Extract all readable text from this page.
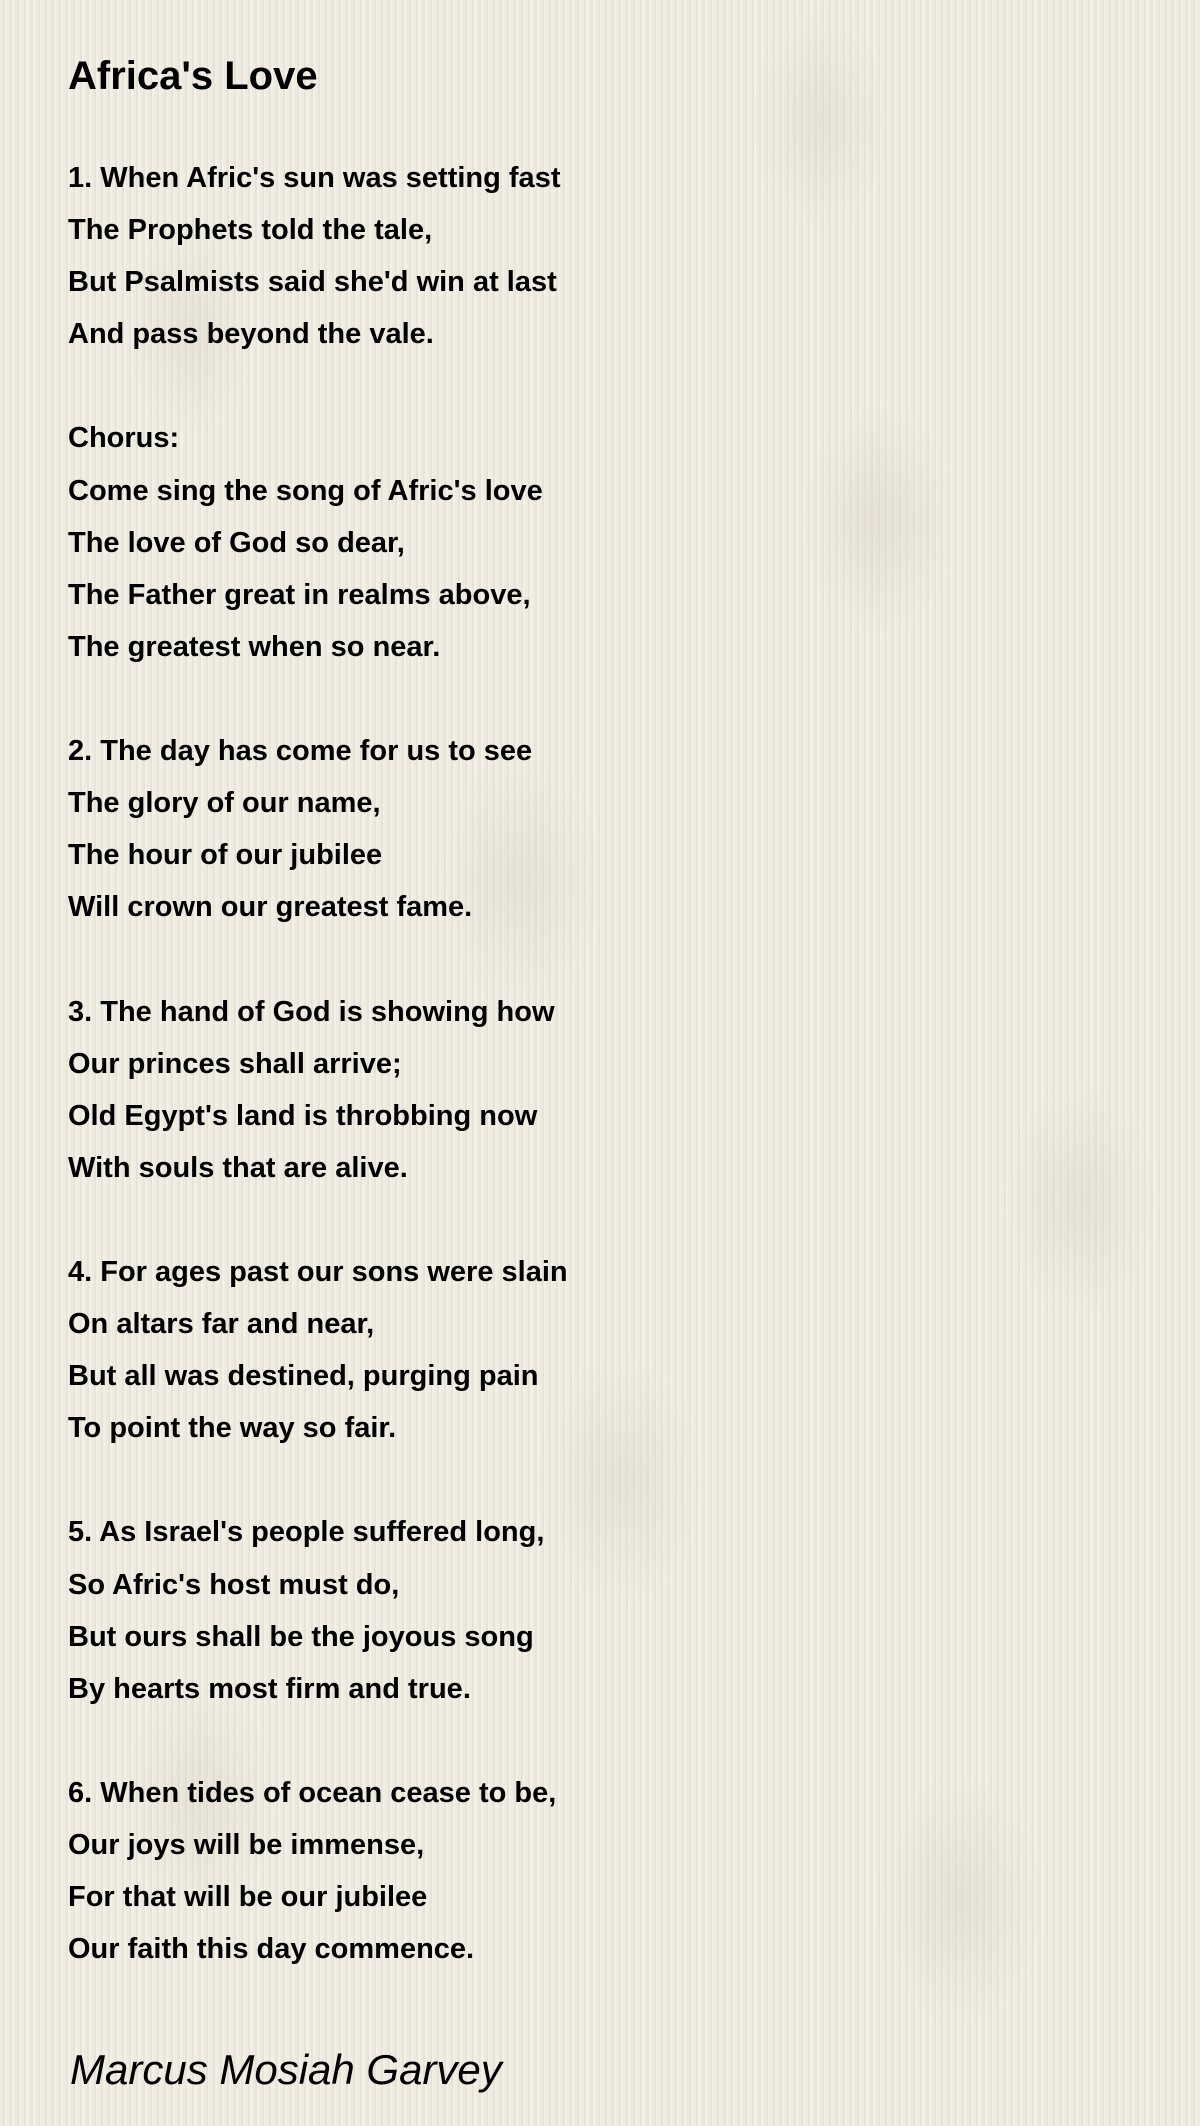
Africa's Love
1. When Afric's sun was setting fast
The Prophets told the tale,
But Psalmists said she'd win at last
And pass beyond the vale.
Chorus:
Come sing the song of Afric's love
The love of God so dear,
The Father great in realms above,
The greatest when so near.
2. The day has come for us to see
The glory of our name,
The hour of our jubilee
Will crown our greatest fame.
3. The hand of God is showing how
Our princes shall arrive;
Old Egypt's land is throbbing now
With souls that are alive.
4. For ages past our sons were slain
On altars far and near,
But all was destined, purging pain
To point the way so fair.
5. As Israel's people suffered long,
So Afric's host must do,
But ours shall be the joyous song
By hearts most firm and true.
6. When tides of ocean cease to be,
Our joys will be immense,
For that will be our jubilee
Our faith this day commence.

Marcus Mosiah Garvey
